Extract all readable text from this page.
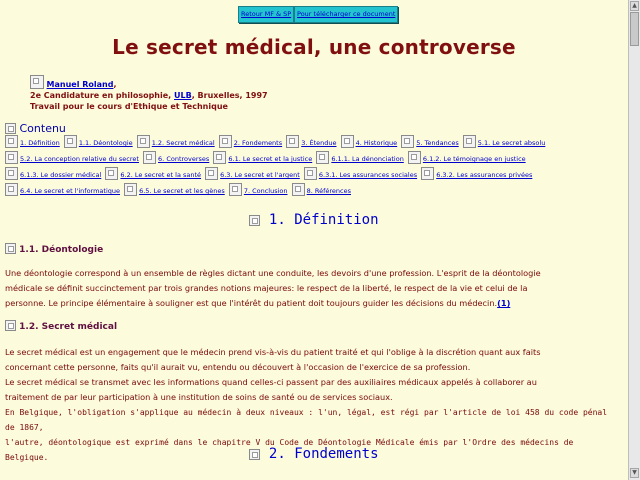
Retour MF & SP Pour télécharger ce document
Le secret médical, une controverse
Manuel Roland,
2e Candidature en philosophie, ULB, Bruxelles, 1997
Travail pour le cours d'Ethique et Technique
Contenu
1. Définition	1.1. Déontologie	1.2. Secret médical	2. Fondements	3. Étendue	4. Historique	5. Tendances	5.1. Le secret absolu 5.2. La conception relative du secret	6. Controverses	6.1. Le secret et la justice	6.1.1. La dénonciation	6.1.2. Le témoignage en justice 6.1.3. Le dossier médical	6.2. Le secret et la santé	6.3. Le secret et l'argent	6.3.1. Les assurances sociales	6.3.2. Les assurances privées 6.4. Le secret et l'informatique	6.5. Le secret et les gènes	7. Conclusion	8. Références
1. Définition
1.1. Déontologie
Une déontologie correspond à un ensemble de règles dictant une conduite, les devoirs d'une profession. L'esprit de la déontologie
médicale se définit succinctement par trois grandes notions majeures: le respect de la liberté, le respect de la vie et celui de la
personne. Le principe élémentaire à souligner est que l'intérêt du patient doit toujours guider les décisions du médecin.(1)
1.2. Secret médical
Le secret médical est un engagement que le médecin prend vis-à-vis du patient traité et qui l'oblige à la discrétion quant aux faits
concernant cette personne, faits qu'il aurait vu, entendu ou découvert à l'occasion de l'exercice de sa profession.
Le secret médical se transmet avec les informations quand celles-ci passent par des auxiliaires médicaux appelés à collaborer au
traitement de par leur participation à une institution de soins de santé ou de services sociaux.
En Belgique, l'obligation s'applique au médecin à deux niveaux : l'un, légal, est régi par l'article de loi 458 du code pénal de 1867,
l'autre, déontologique est exprimé dans le chapitre V du Code de Déontologie Médicale émis par l'Ordre des médecins de Belgique.	2. Fondements
▲
▼
